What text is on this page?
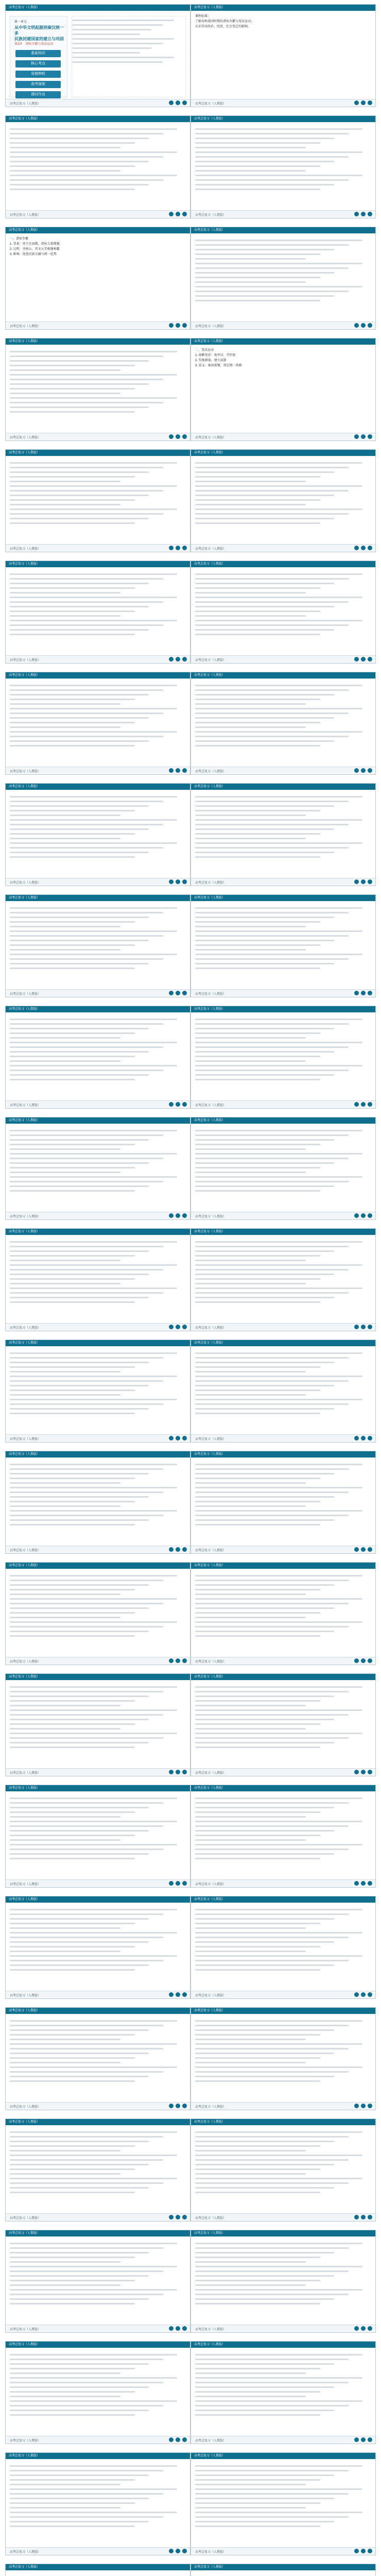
高考总复习（人教版）
第一单元
从中华文明起源到秦汉统一多
民族封建国家的建立与巩固
第2讲　诸侯争霸与变法运动
基础知识
核心考点
易错辨析
高考演练
课时作业
高考总复习（人教版）
高考总复习（人教版）
课程标准：
了解春秋战国时期的诸侯争霸与变法运动；
认识其对政治、经济、社会变迁的影响。
高考总复习（人教版）
高考总复习（人教版）
高考总复习（人教版）
高考总复习（人教版）
高考总复习（人教版）
高考总复习（人教版）
一、诸侯争霸
1. 背景：周王室衰微，诸侯力量增强
2. 过程：齐桓公、晋文公等相继称霸
3. 影响：促进民族交融与统一趋势
高考总复习（人教版）
高考总复习（人教版）
高考总复习（人教版）
高考总复习（人教版）
高考总复习（人教版）
高考总复习（人教版）
二、变法运动
1. 商鞅变法：废井田、开阡陌
2. 奖励耕战，建立县制
3. 意义：秦国富强，奠定统一基础
高考总复习（人教版）
高考总复习（人教版）
高考总复习（人教版）
高考总复习（人教版）
高考总复习（人教版）
高考总复习（人教版）
高考总复习（人教版）
高考总复习（人教版）
高考总复习（人教版）
高考总复习（人教版）
高考总复习（人教版）
高考总复习（人教版）
高考总复习（人教版）
高考总复习（人教版）
高考总复习（人教版）
高考总复习（人教版）
高考总复习（人教版）
高考总复习（人教版）
高考总复习（人教版）
高考总复习（人教版）
高考总复习（人教版）
高考总复习（人教版）
高考总复习（人教版）
高考总复习（人教版）
高考总复习（人教版）
高考总复习（人教版）
高考总复习（人教版）
高考总复习（人教版）
高考总复习（人教版）
高考总复习（人教版）
高考总复习（人教版）
高考总复习（人教版）
高考总复习（人教版）
高考总复习（人教版）
高考总复习（人教版）
高考总复习（人教版）
高考总复习（人教版）
高考总复习（人教版）
高考总复习（人教版）
高考总复习（人教版）
高考总复习（人教版）
高考总复习（人教版）
高考总复习（人教版）
高考总复习（人教版）
高考总复习（人教版）
高考总复习（人教版）
高考总复习（人教版）
高考总复习（人教版）
高考总复习（人教版）
高考总复习（人教版）
高考总复习（人教版）
高考总复习（人教版）
高考总复习（人教版）
高考总复习（人教版）
高考总复习（人教版）
高考总复习（人教版）
高考总复习（人教版）
高考总复习（人教版）
高考总复习（人教版）
高考总复习（人教版）
高考总复习（人教版）
高考总复习（人教版）
高考总复习（人教版）
高考总复习（人教版）
高考总复习（人教版）
高考总复习（人教版）
高考总复习（人教版）
高考总复习（人教版）
高考总复习（人教版）
高考总复习（人教版）
高考总复习（人教版）
高考总复习（人教版）
高考总复习（人教版）
高考总复习（人教版）
高考总复习（人教版）
高考总复习（人教版）
高考总复习（人教版）
高考总复习（人教版）	高考总复习（人教版）
